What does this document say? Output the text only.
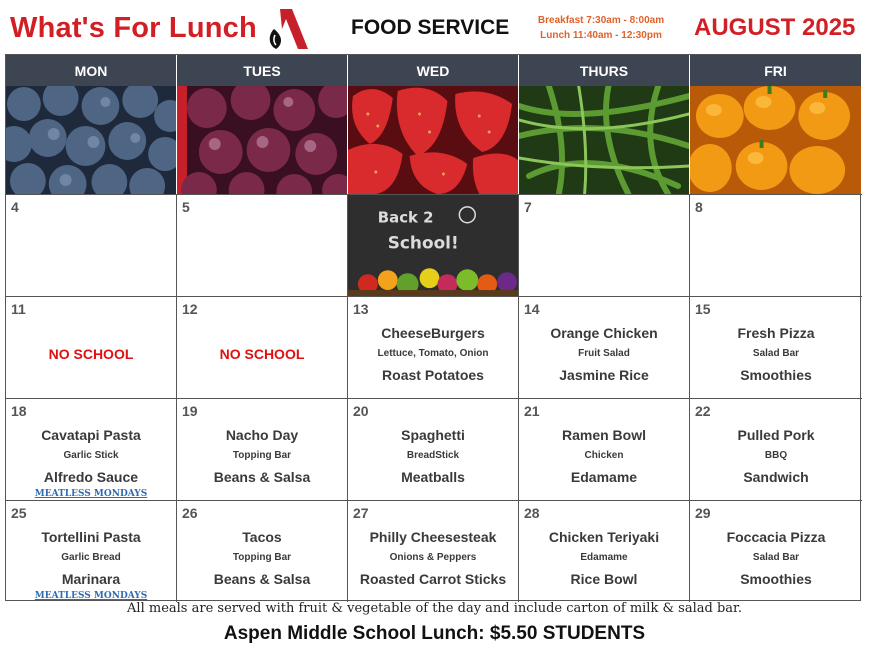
What's For Lunch	FOOD SERVICE	Breakfast 7:30am - 8:00am
Lunch 11:40am - 12:30pm	AUGUST 2025
MON	TUES	WED	THURS	FRI
4	5
Back 2
School!
7	8
11
NO SCHOOL
12
NO SCHOOL
13
CheeseBurgers
Lettuce, Tomato, Onion
Roast Potatoes
14
Orange Chicken
Fruit Salad
Jasmine Rice
15
Fresh Pizza
Salad Bar
Smoothies
18
Cavatapi Pasta
Garlic Stick
Alfredo Sauce
MEATLESS MONDAYS
19
Nacho Day
Topping Bar
Beans & Salsa
20
Spaghetti
BreadStick
Meatballs
21
Ramen Bowl
Chicken
Edamame
22
Pulled Pork
BBQ
Sandwich
25
Tortellini Pasta
Garlic Bread
Marinara
MEATLESS MONDAYS
26
Tacos
Topping Bar
Beans & Salsa
27
Philly Cheesesteak
Onions & Peppers
Roasted Carrot Sticks
28
Chicken Teriyaki
Edamame
Rice Bowl
29
Foccacia Pizza
Salad Bar
Smoothies
All meals are served with fruit & vegetable of the day and include carton of milk & salad bar.
Aspen Middle School Lunch: $5.50 STUDENTS
